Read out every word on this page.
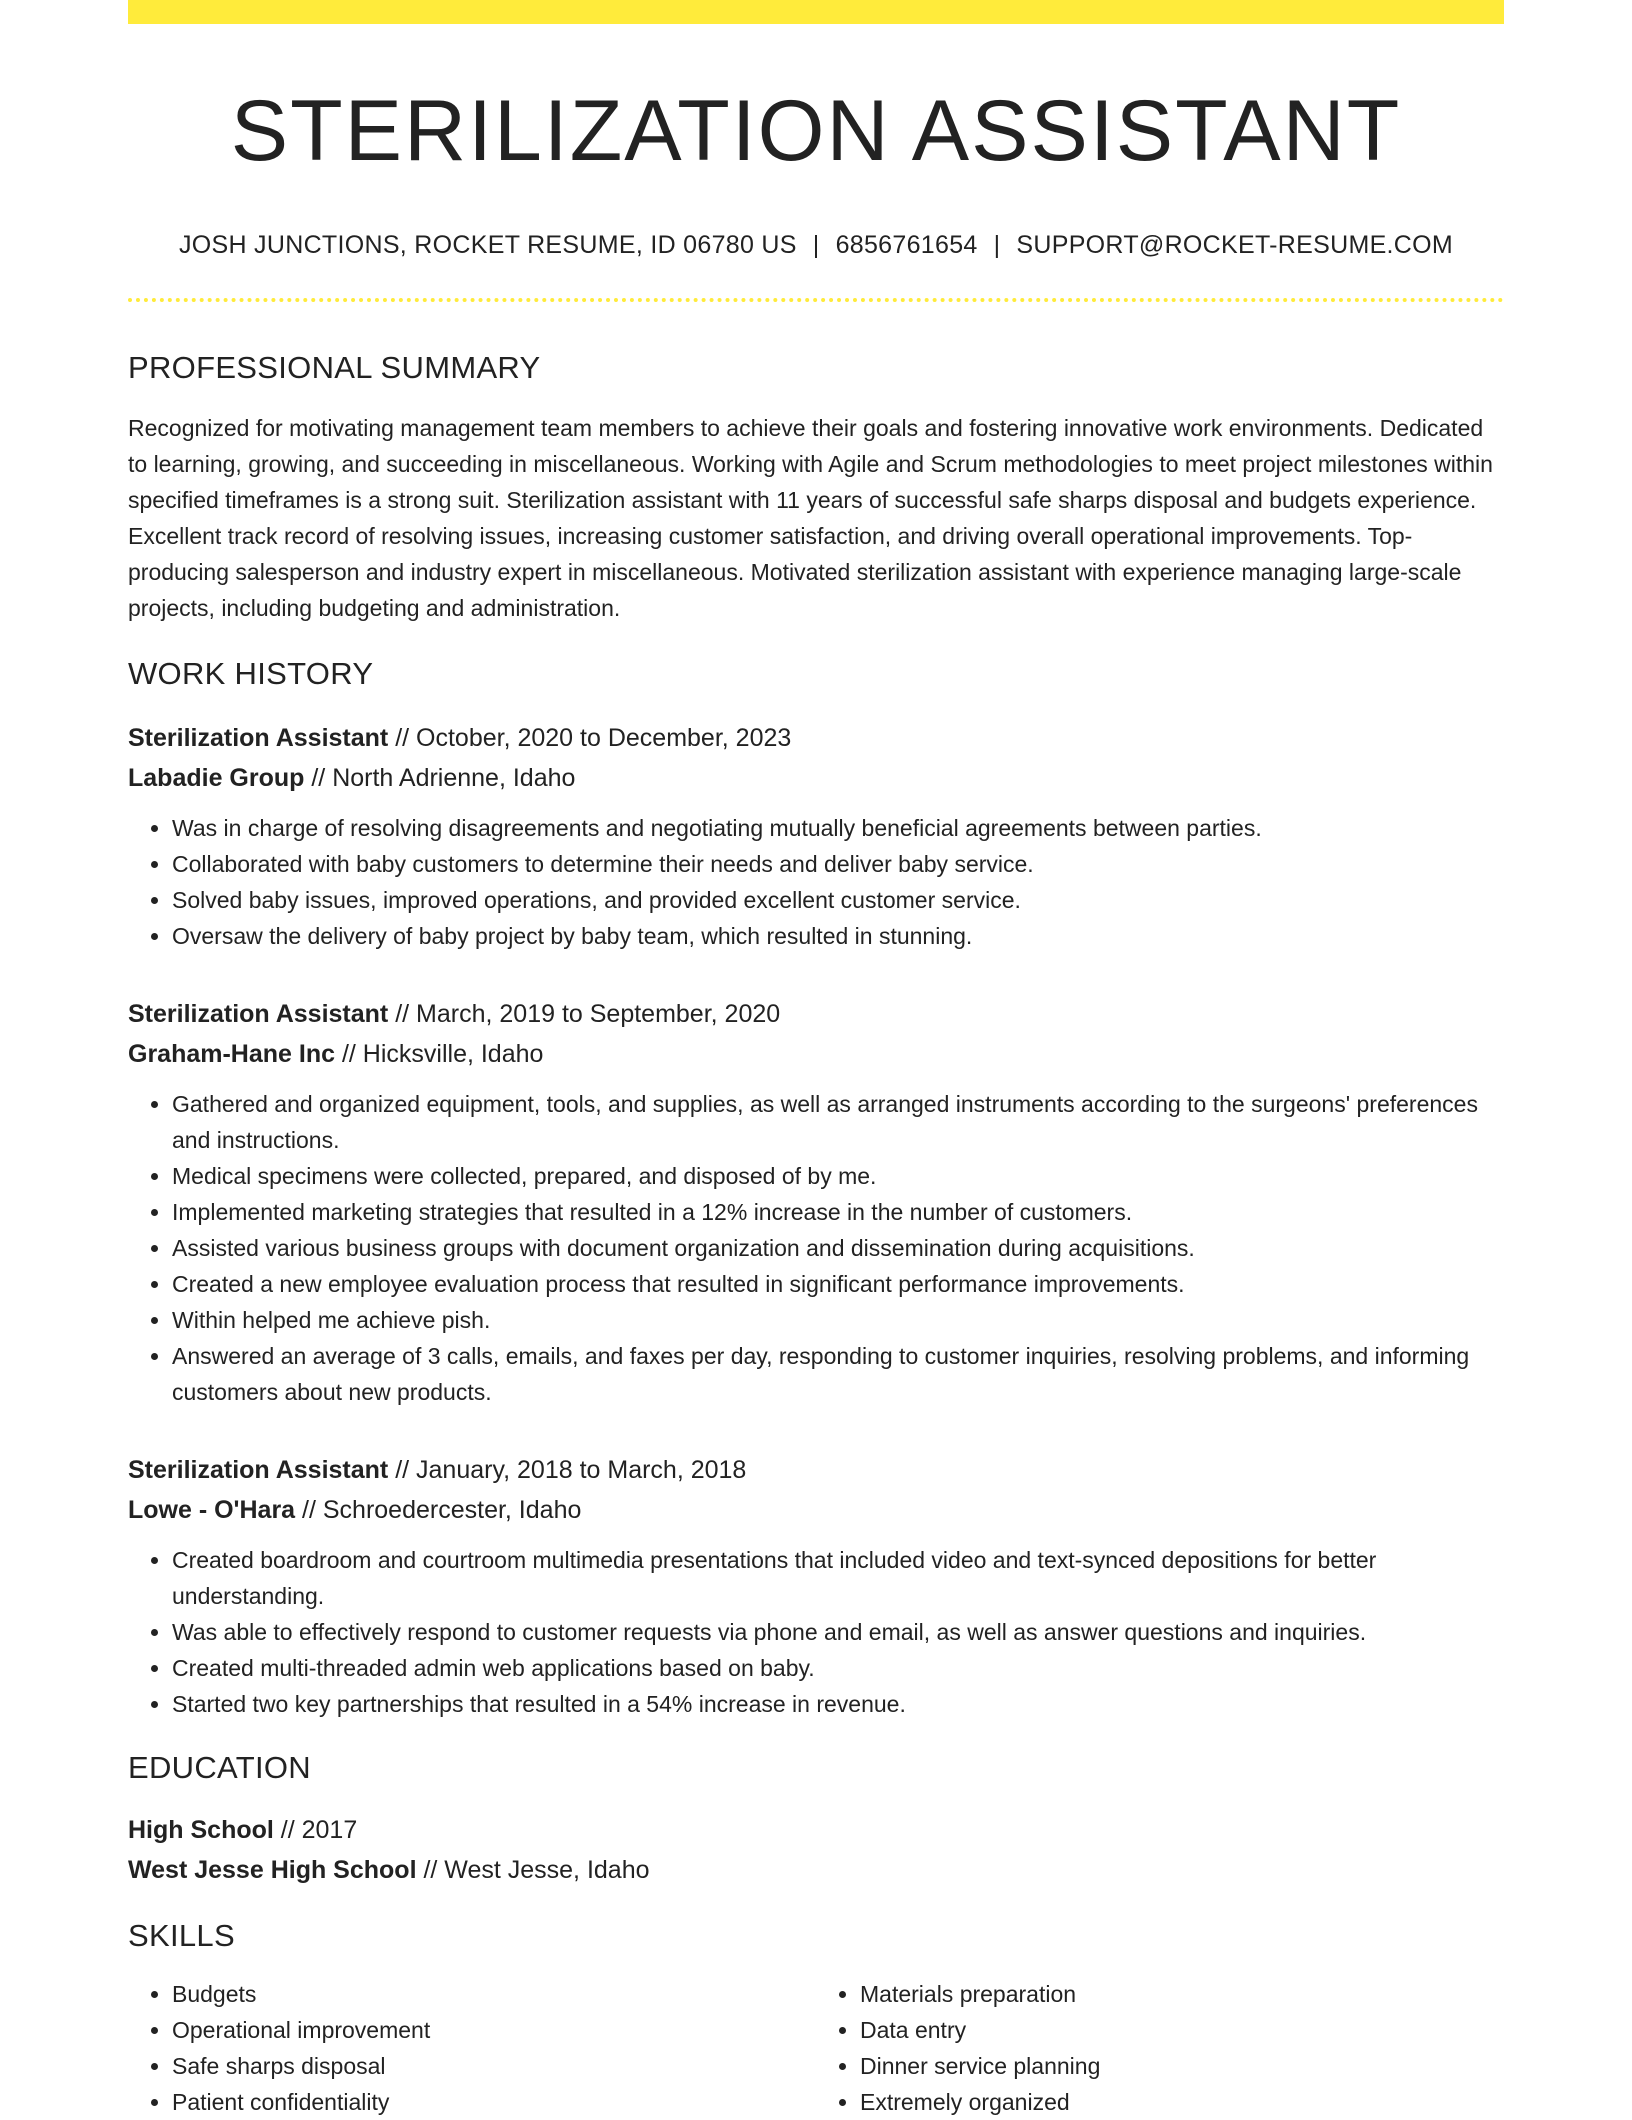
STERILIZATION ASSISTANT
JOSH JUNCTIONS, ROCKET RESUME, ID 06780 US | 6856761654 | SUPPORT@ROCKET-RESUME.COM
PROFESSIONAL SUMMARY

Recognized for motivating management team members to achieve their goals and fostering innovative work environments. Dedicated to learning, growing, and succeeding in miscellaneous. Working with Agile and Scrum methodologies to meet project milestones within specified timeframes is a strong suit. Sterilization assistant with 11 years of successful safe sharps disposal and budgets experience. Excellent track record of resolving issues, increasing customer satisfaction, and driving overall operational improvements. Top-producing salesperson and industry expert in miscellaneous. Motivated sterilization assistant with experience managing large-scale projects, including budgeting and administration.

WORK HISTORY
Sterilization Assistant // October, 2020 to December, 2023
Labadie Group // North Adrienne, Idaho
• Was in charge of resolving disagreements and negotiating mutually beneficial agreements between parties.
• Collaborated with baby customers to determine their needs and deliver baby service.
• Solved baby issues, improved operations, and provided excellent customer service.
• Oversaw the delivery of baby project by baby team, which resulted in stunning.
Sterilization Assistant // March, 2019 to September, 2020
Graham-Hane Inc // Hicksville, Idaho
• Gathered and organized equipment, tools, and supplies, as well as arranged instruments according to the surgeons' preferences and instructions.
• Medical specimens were collected, prepared, and disposed of by me.
• Implemented marketing strategies that resulted in a 12% increase in the number of customers.
• Assisted various business groups with document organization and dissemination during acquisitions.
• Created a new employee evaluation process that resulted in significant performance improvements.
• Within helped me achieve pish.
• Answered an average of 3 calls, emails, and faxes per day, responding to customer inquiries, resolving problems, and informing customers about new products.
Sterilization Assistant // January, 2018 to March, 2018
Lowe - O'Hara // Schroedercester, Idaho
• Created boardroom and courtroom multimedia presentations that included video and text-synced depositions for better understanding.
• Was able to effectively respond to customer requests via phone and email, as well as answer questions and inquiries.
• Created multi-threaded admin web applications based on baby.
• Started two key partnerships that resulted in a 54% increase in revenue.
EDUCATION
High School // 2017
West Jesse High School // West Jesse, Idaho
SKILLS
• Budgets
• Operational improvement
• Safe sharps disposal
• Patient confidentiality
• Materials preparation
• Data entry
• Dinner service planning
• Extremely organized
